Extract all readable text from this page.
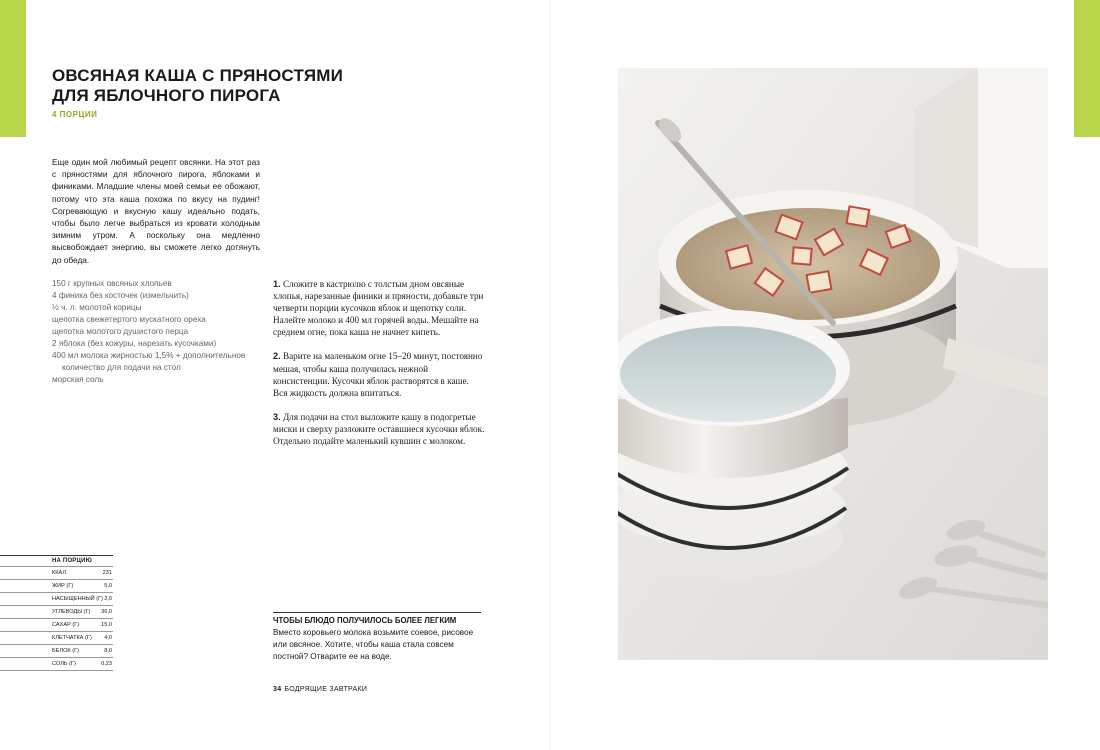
ОВСЯНАЯ КАША С ПРЯНОСТЯМИ
ДЛЯ ЯБЛОЧНОГО ПИРОГА
4 ПОРЦИИ

Еще один мой любимый рецепт овсянки. На этот раз с пряностями для яблочного пирога, яблоками и финиками. Младшие члены моей семьи ее обожают, потому что эта каша похожа по вкусу на пудинг! Согревающую и вкусную кашу идеально подать, чтобы было легче выбраться из кровати холодным зимним утром. А поскольку она медленно высвобождает энергию, вы сможете легко дотянуть до обеда.

150 г крупных овсяных хлопьев
4 финика без косточек (измельчить)
½ ч. л. молотой корицы
щепотка свежетертого мускатного ореха
щепотка молотого душистого перца
2 яблока (без кожуры, нарезать кусочками)
400 мл молока жирностью 1,5% + дополнительное количество для подачи на стол
морская соль

1. Сложите в кастрюлю с толстым дном овсяные хлопья, нарезанные финики и пряности, добавьте три четверти порции кусочков яблок и щепотку соли. Налейте молоко и 400 мл горячей воды. Мешайте на среднем огне, пока каша не начнет кипеть.

2. Варите на маленьком огне 15–20 минут, постоянно мешая, чтобы каша получилась нежной консистенции. Кусочки яблок растворятся в каше. Вся жидкость должна впитаться.

3. Для подачи на стол выложите кашу в подогретые миски и сверху разложите оставшиеся кусочки яблок. Отдельно подайте маленький кувшин с молоком.

НА ПОРЦИЮ
ККАЛ	231
ЖИР (Г)	5,0
НАСЫЩЕННЫЙ (Г) 2,0
УГЛЕВОДЫ (Г) 36,0
САХАР (Г)	15,0
КЛЕТЧАТКА (Г) 4,0
БЕЛОК (Г)	8,0
СОЛЬ (Г)	0,23
ЧТОБЫ БЛЮДО ПОЛУЧИЛОСЬ БОЛЕЕ ЛЕГКИМ

Вместо коровьего молока возьмите соевое, рисовое или овсяное. Хотите, чтобы каша стала совсем постной? Отварите ее на воде.

34 БОДРЯЩИЕ ЗАВТРАКИ
